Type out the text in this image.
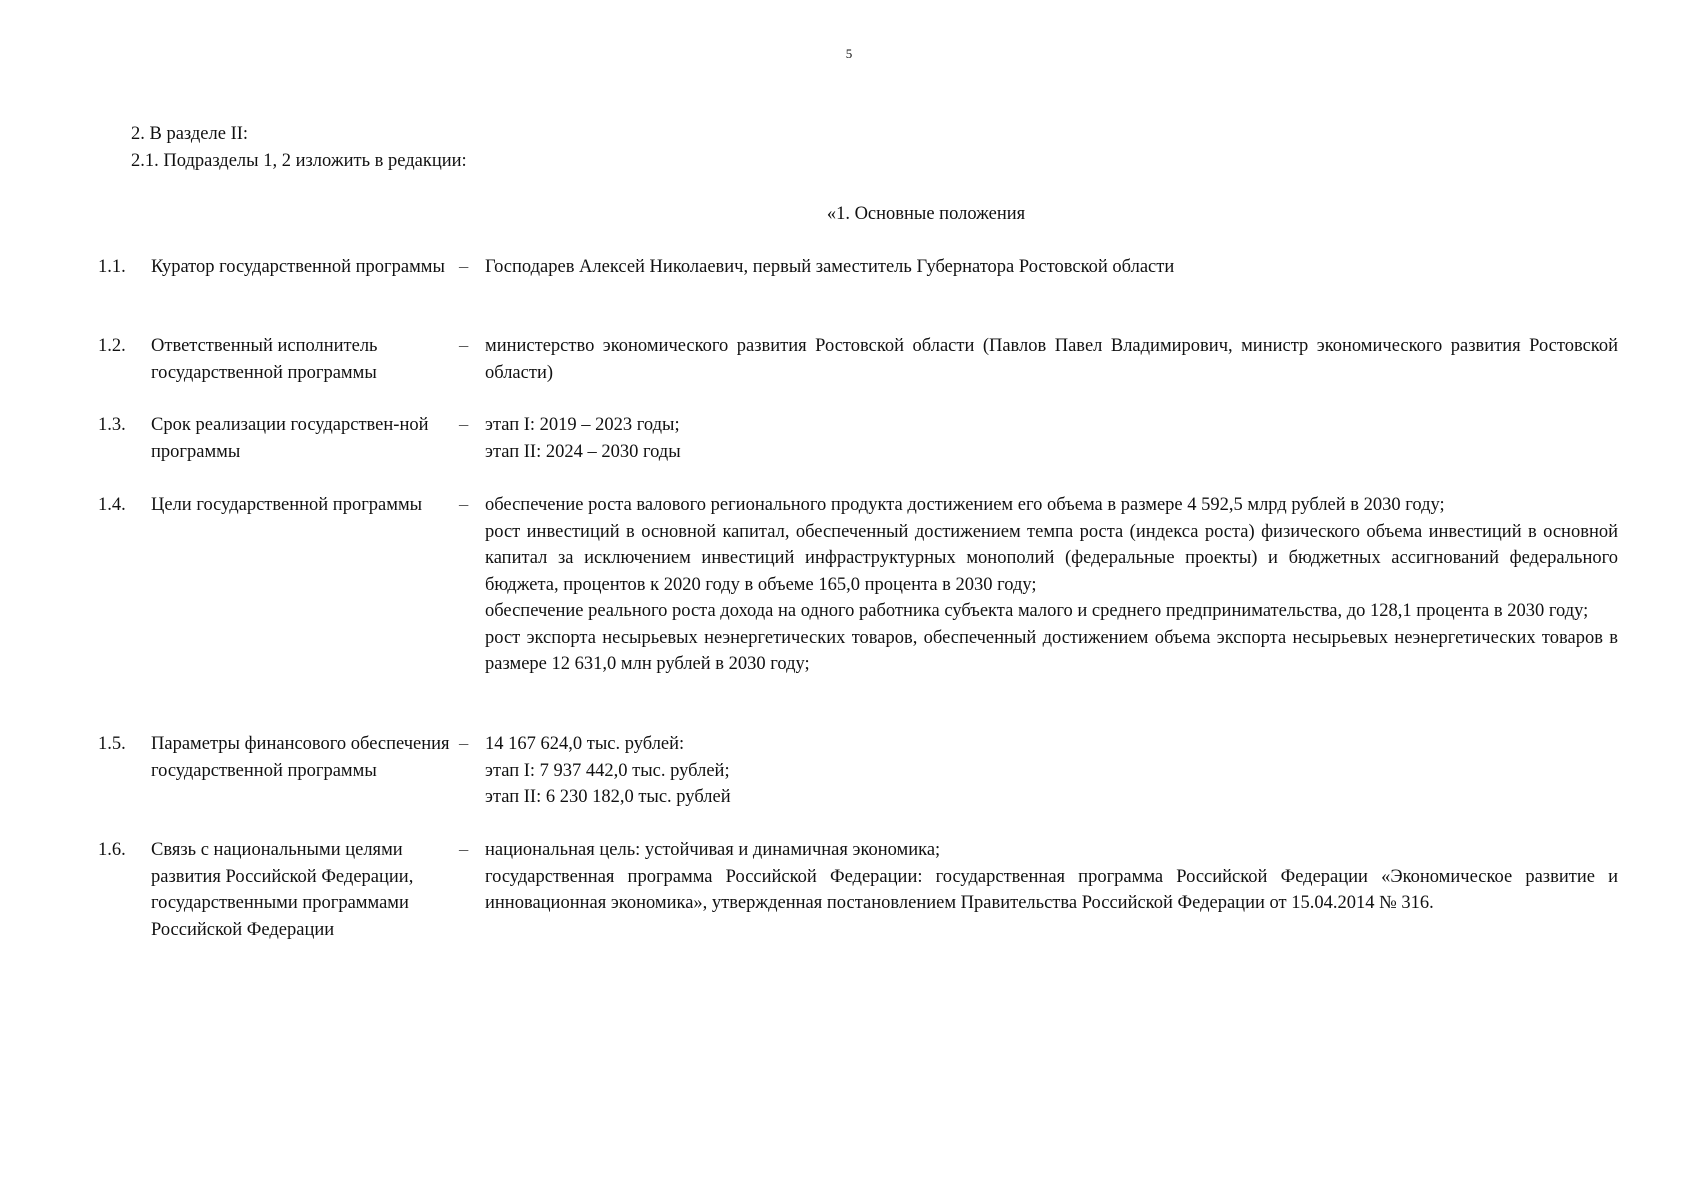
5

2. В разделе II:

2.1. Подразделы 1, 2 изложить в редакции:

«1. Основные положения
1.1.	Куратор государственной программы – Господарев Алексей Николаевич, первый заместитель Губернатора Ростовской области

1.2.	Ответственный исполнитель государственной программы
– министерство экономического развития Ростовской области (Павлов Павел Владимирович, министр экономического развития Ростовской области)

1.3.	Срок реализации государствен-ной программы
– этап I: 2019 – 2023 годы;

этап II: 2024 – 2030 годы

1.4.	Цели государственной программы	– обеспечение роста валового регионального продукта достижением его объема в размере 4 592,5 млрд рублей в 2030 году;

рост инвестиций в основной капитал, обеспеченный достижением темпа роста (индекса роста) физического объема инвестиций в основной капитал за исключением инвестиций инфраструктурных монополий (федеральные проекты) и бюджетных ассигнований федерального бюджета, процентов к 2020 году в объеме 165,0 процента в 2030 году;

обеспечение реального роста дохода на одного работника субъекта малого и среднего предпринимательства, до 128,1 процента в 2030 году;

рост экспорта несырьевых неэнергетических товаров, обеспеченный достижением объема экспорта несырьевых неэнергетических товаров в размере 12 631,0 млн рублей в 2030 году;

1.5.	Параметры финансового обеспечения государственной программы
– 14 167 624,0 тыс. рублей:

этап I: 7 937 442,0 тыс. рублей;

этап II: 6 230 182,0 тыс. рублей

1.6.	Связь с национальными целями развития Российской Федерации, государственными программами Российской Федерации
– национальная цель: устойчивая и динамичная экономика;

государственная программа Российской Федерации: государственная программа Российской Федерации «Экономическое развитие и инновационная экономика», утвержденная постановлением Правительства Российской Федерации от 15.04.2014 № 316.
